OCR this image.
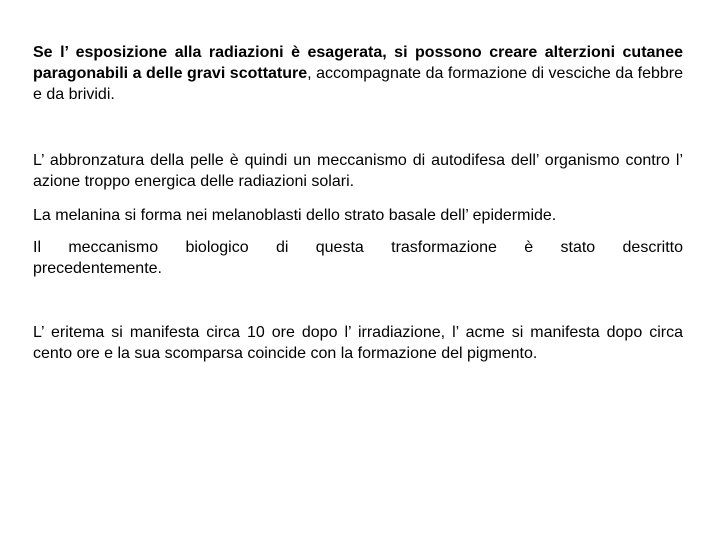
Se l’ esposizione alla radiazioni è esagerata, si possono creare alterzioni cutanee paragonabili a delle gravi scottature, accompagnate da formazione di vesciche da febbre e da brividi.

L’ abbronzatura della pelle è quindi un meccanismo di autodifesa dell’ organismo contro l’ azione troppo energica delle radiazioni solari.

La melanina si forma nei melanoblasti dello strato basale dell’ epidermide.

Il meccanismo biologico di questa trasformazione è stato descritto
precedentemente.

L’ eritema si manifesta circa 10 ore dopo l’ irradiazione, l’ acme si manifesta dopo circa cento ore e la sua scomparsa coincide con la formazione del pigmento.
